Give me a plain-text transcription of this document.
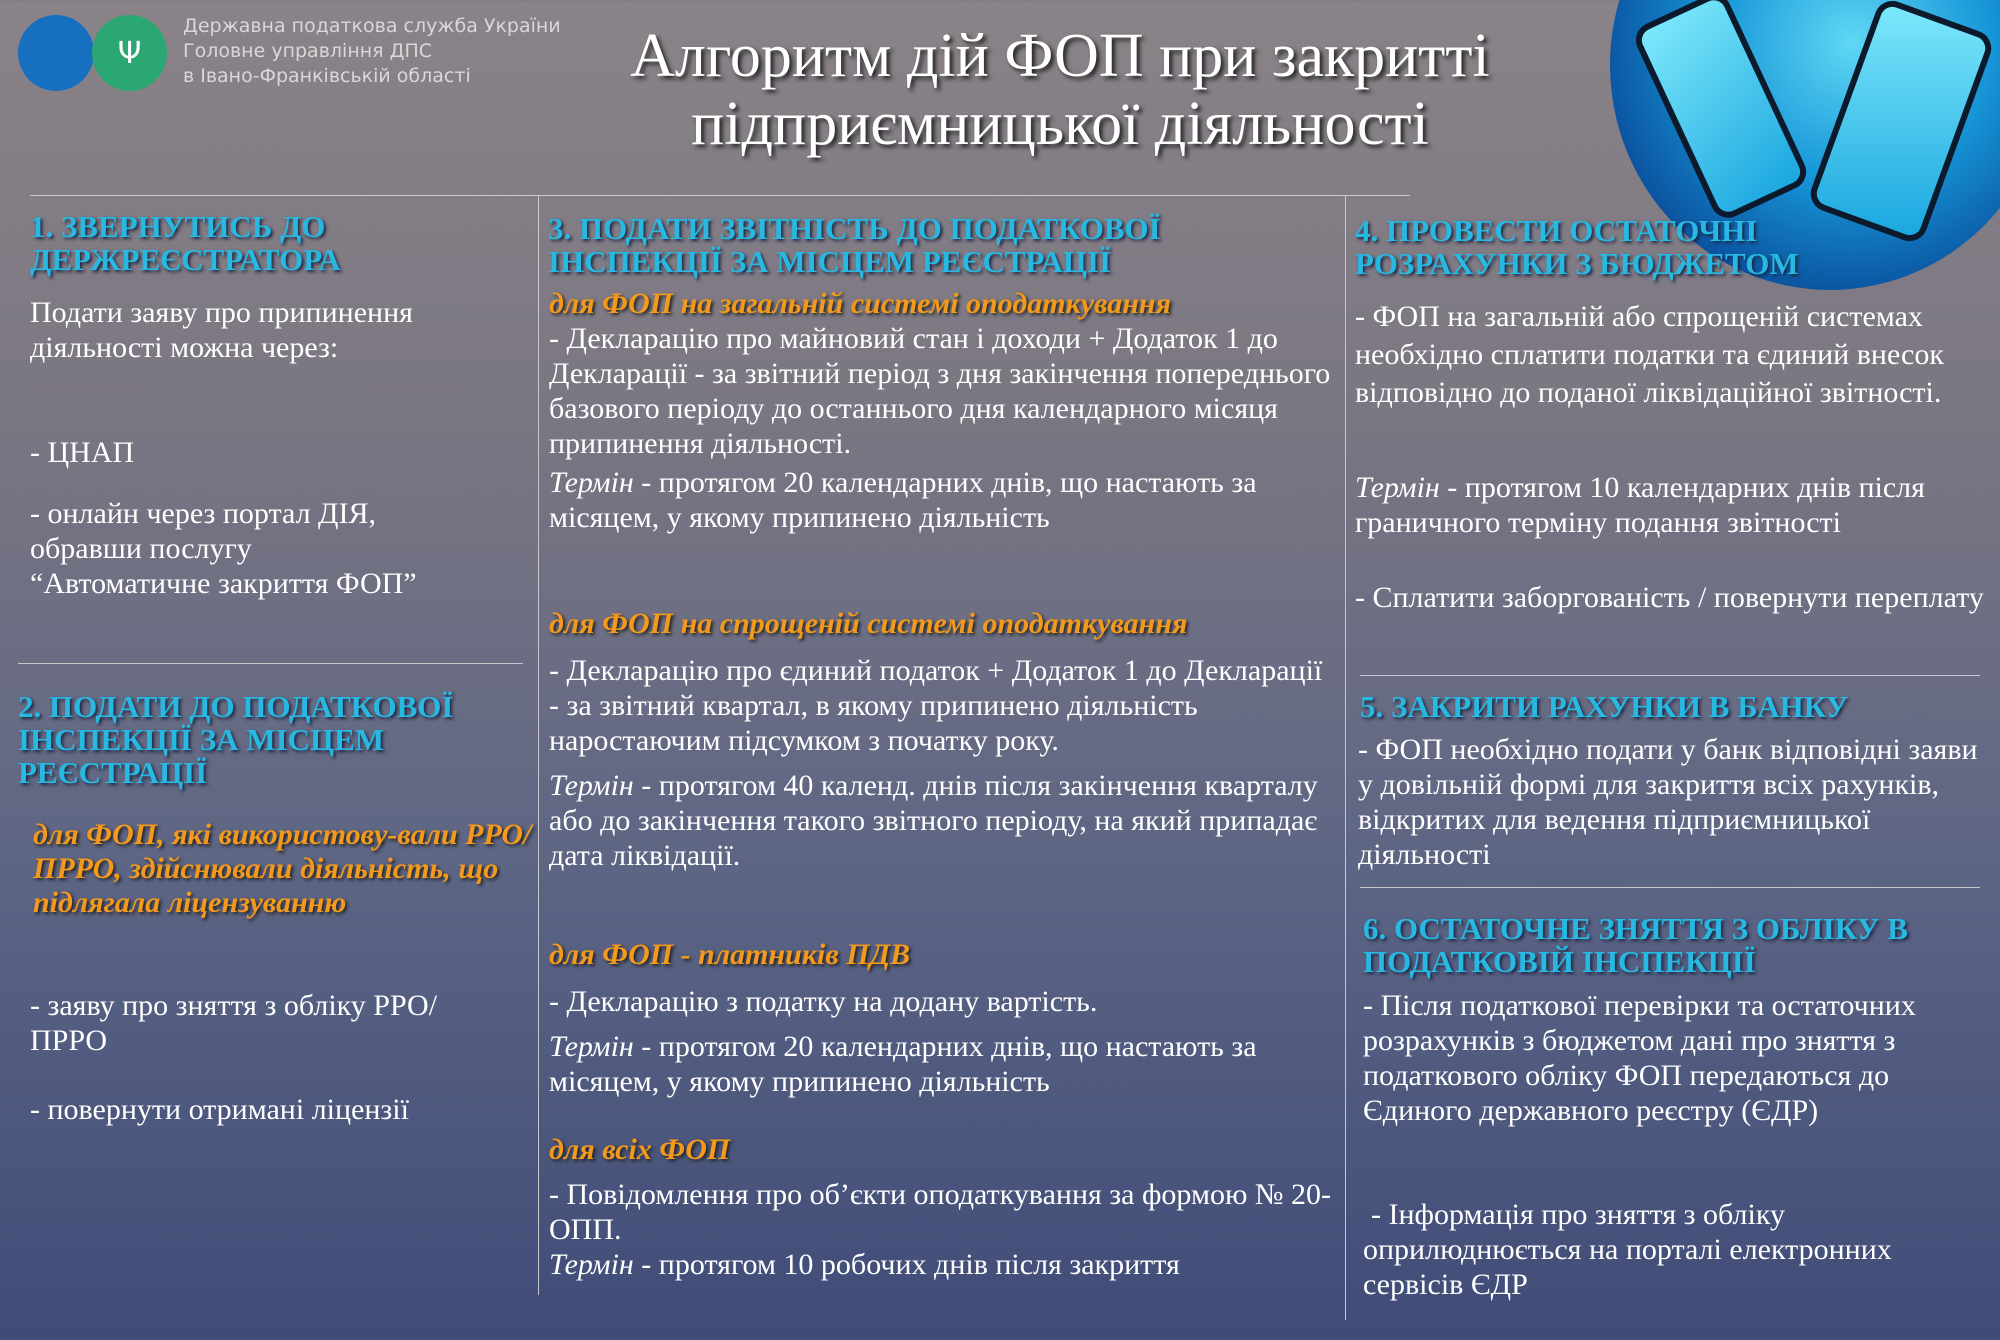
Ψ
Державна податкова служба України
Головне управління ДПС
в Івано-Франківській області	Алгоритм дій ФОП при закритті
підприємницької діяльності
1. ЗВЕРНУТИСЬ ДО ДЕРЖРЕЄСТРАТОРА

Подати заяву про припинення діяльності можна через:

- ЦНАП

- онлайн через портал ДІЯ, обравши послугу “Автоматичне закриття ФОП”

2. ПОДАТИ ДО ПОДАТКОВОЇ ІНСПЕКЦІЇ ЗА МІСЦЕМ РЕЄСТРАЦІЇ
для ФОП, які використову-вали РРО/ПРРО, здійснювали діяльність, що підлягала ліцензуванню

- заяву про зняття з обліку РРО/ПРРО

- повернути отримані ліцензії

3. ПОДАТИ ЗВІТНІСТЬ ДО ПОДАТКОВОЇ ІНСПЕКЦІЇ ЗА МІСЦЕМ РЕЄСТРАЦІЇ
для ФОП на загальній системі оподаткування

- Декларацію про майновий стан і доходи + Додаток 1 до Декларації - за звітний період з дня закінчення попереднього базового періоду до останнього дня календарного місяця припинення діяльності.

Термін - протягом 20 календарних днів, що настають за місяцем, у якому припинено діяльність

для ФОП на спрощеній системі оподаткування

- Декларацію про єдиний податок + Додаток 1 до Декларації - за звітний квартал, в якому припинено діяльність наростаючим підсумком з початку року.

Термін - протягом 40 календ. днів після закінчення кварталу або до закінчення такого звітного періоду, на який припадає дата ліквідації.

для ФОП - платників ПДВ

- Декларацію з податку на додану вартість.

Термін - протягом 20 календарних днів, що настають за місяцем, у якому припинено діяльність

для всіх ФОП

- Повідомлення про об’єкти оподаткування за формою № 20-ОПП.

Термін - протягом 10 робочих днів після закриття

4. ПРОВЕСТИ ОСТАТОЧНІ РОЗРАХУНКИ З БЮДЖЕТОМ

- ФОП на загальній або спрощеній системах необхідно сплатити податки та єдиний внесок відповідно до поданої ліквідаційної звітності.

Термін - протягом 10 календарних днів після граничного терміну подання звітності

- Сплатити заборгованість / повернути переплату

5. ЗАКРИТИ РАХУНКИ В БАНКУ

- ФОП необхідно подати у банк відповідні заяви у довільній формі для закриття всіх рахунків, відкритих для ведення підприємницької діяльності

6. ОСТАТОЧНЕ ЗНЯТТЯ З ОБЛІКУ В ПОДАТКОВІЙ ІНСПЕКЦІЇ

- Після податкової перевірки та остаточних розрахунків з бюджетом дані про зняття з податкового обліку ФОП передаються до Єдиного державного реєстру (ЄДР)

- Інформація про зняття з обліку оприлюднюється на порталі електронних сервісів ЄДР
